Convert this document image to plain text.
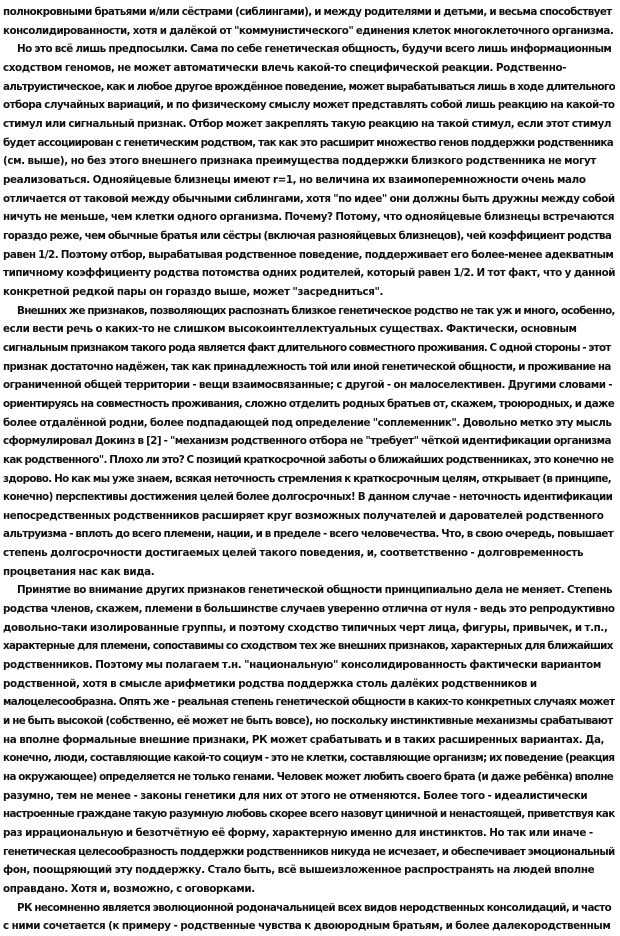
полнокровными братьями и/или сёстрами (сиблингами), и между родителями и детьми, и весьма способствует
консолидированности, хотя и далёкой от "коммунистического" единения клеток многоклеточного организма.
Но это всё лишь предпосылки. Сама по себе генетическая общность, будучи всего лишь информационным
сходством геномов, не может автоматически влечь какой-то специфической реакции. Родственно-
альтруистическое, как и любое другое врождённое поведение, может вырабатываться лишь в ходе длительного
отбора случайных вариаций, и по физическому смыслу может представлять собой лишь реакцию на какой-то
стимул или сигнальный признак. Отбор может закреплять такую реакцию на такой стимул, если этот стимул
будет ассоциирован с генетическим родством, так как это расширит множество генов поддержки родственника
(см. выше), но без этого внешнего признака преимущества поддержки близкого родственника не могут
реализоваться. Однояйцевые близнецы имеют r=1, но величина их взаимоперемножности очень мало
отличается от таковой между обычными сиблингами, хотя "по идее" они должны быть дружны между собой
ничуть не меньше, чем клетки одного организма. Почему? Потому, что однояйцевые близнецы встречаются
гораздо реже, чем обычные братья или сёстры (включая разнояйцевых близнецов), чей коэффициент родства
равен 1/2. Поэтому отбор, вырабатывая родственное поведение, поддерживает его более-менее адекватным
типичному коэффициенту родства потомства одних родителей, который равен 1/2. И тот факт, что у данной
конкретной редкой пары он гораздо выше, может "засредниться".
Внешних же признаков, позволяющих распознать близкое генетическое родство не так уж и много, особенно,
если вести речь о каких-то не слишком высокоинтеллектуальных существах. Фактически, основным
сигнальным признаком такого рода является факт длительного совместного проживания. С одной стороны - этот
признак достаточно надёжен, так как принадлежность той или иной генетической общности, и проживание на
ограниченной общей территории - вещи взаимосвязанные; с другой - он малоселективен. Другими словами -
ориентируясь на совместность проживания, сложно отделить родных братьев от, скажем, троюродных, и даже
более отдалённой родни, более подпадающей под определение "соплеменник". Довольно метко эту мысль
сформулировал Докинз в [2] - "механизм родственного отбора не "требует" чёткой идентификации организма
как родственного". Плохо ли это? С позиций краткосрочной заботы о ближайших родственниках, это конечно не
здорово. Но как мы уже знаем, всякая неточность стремления к краткосрочным целям, открывает (в принципе,
конечно) перспективы достижения целей более долгосрочных! В данном случае - неточность идентификации
непосредственных родственников расширяет круг возможных получателей и дарователей родственного
альтруизма - вплоть до всего племени, нации, и в пределе - всего человечества. Что, в свою очередь, повышает
степень долгосрочности достигаемых целей такого поведения, и, соответственно - долговременность
процветания нас как вида.
Принятие во внимание других признаков генетической общности принципиально дела не меняет. Степень
родства членов, скажем, племени в большинстве случаев уверенно отлична от нуля - ведь это репродуктивно
довольно-таки изолированные группы, и поэтому сходство типичных черт лица, фигуры, привычек, и т.п.,
характерные для племени, сопоставимы со сходством тех же внешних признаков, характерных для ближайших
родственников. Поэтому мы полагаем т.н. "национальную" консолидированность фактически вариантом
родственной, хотя в смысле арифметики родства поддержка столь далёких родственников и
малоцелесообразна. Опять же - реальная степень генетической общности в каких-то конкретных случаях может
и не быть высокой (собственно, её может не быть вовсе), но поскольку инстинктивные механизмы срабатывают
на вполне формальные внешние признаки, РК может срабатывать и в таких расширенных вариантах. Да,
конечно, люди, составляющие какой-то социум - это не клетки, составляющие организм; их поведение (реакция
на окружающее) определяется не только генами. Человек может любить своего брата (и даже ребёнка) вполне
разумно, тем не менее - законы генетики для них от этого не отменяются. Более того - идеалистически
настроенные граждане такую разумную любовь скорее всего назовут циничной и ненастоящей, приветствуя как
раз иррациональную и безотчётную её форму, характерную именно для инстинктов. Но так или иначе -
генетическая целесообразность поддержки родственников никуда не исчезает, и обеспечивает эмоциональный
фон, поощряющий эту поддержку. Стало быть, всё вышеизложенное распространять на людей вполне
оправдано. Хотя и, возможно, с оговорками.
РК несомненно является эволюционной родоначальницей всех видов неродственных консолидаций, и часто
с ними сочетается (к примеру - родственные чувства к двоюродным братьям, и более далекородственным
